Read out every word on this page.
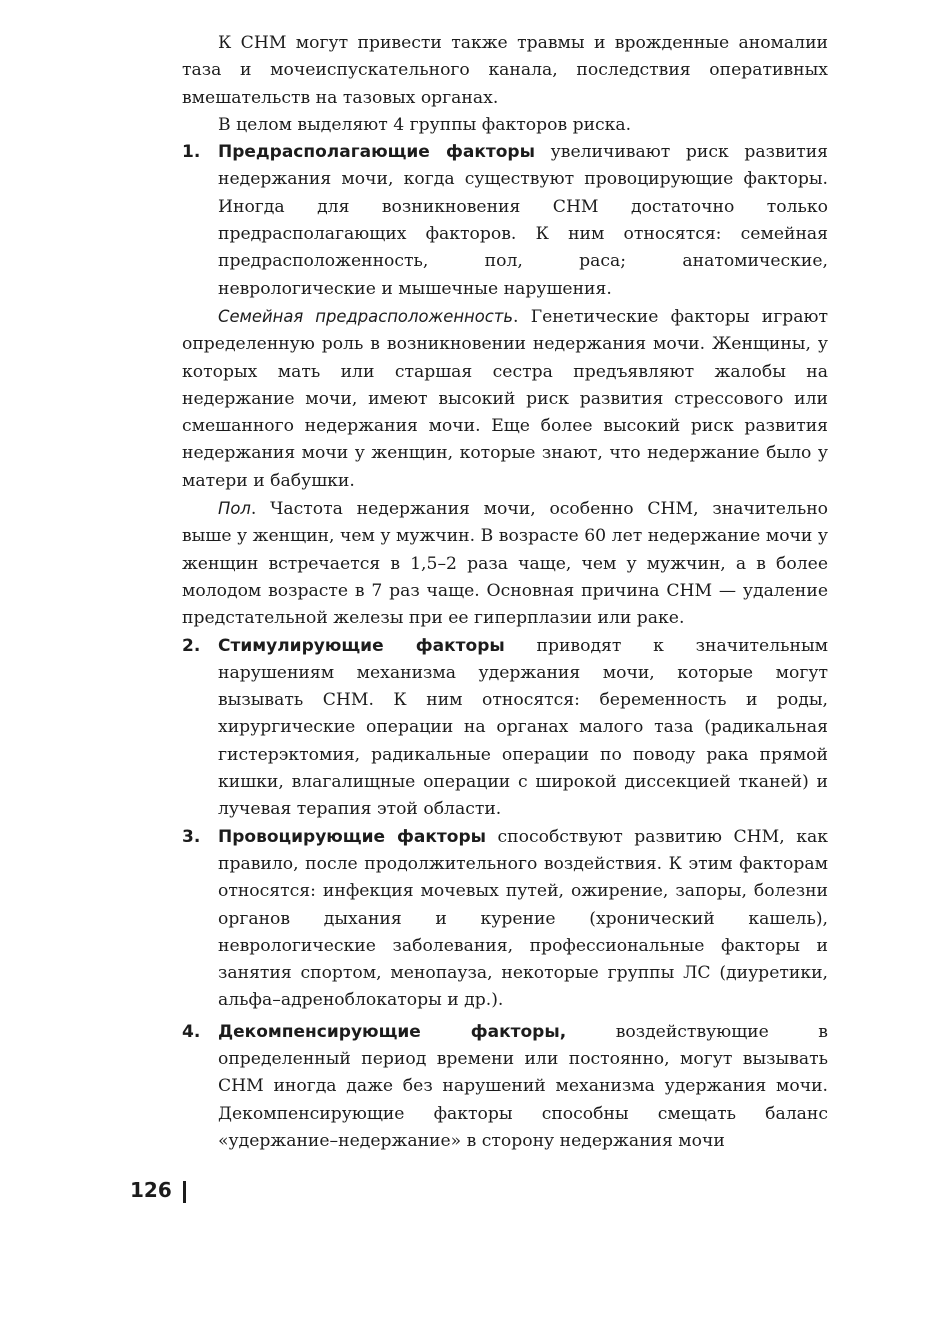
К СНМ могут привести также травмы и врожденные аномалии таза и мочеиспускательного канала, последствия оперативных вмешательств на тазовых органах.

В целом выделяют 4 группы факторов риска.

1. Предрасполагающие факторы увеличивают риск развития недержания мочи, когда существуют провоцирующие факторы. Иногда для возникновения СНМ достаточно только предрасполагающих факторов. К ним относятся: семейная предрасположенность, пол, раса; анатомические, неврологические и мышечные нарушения.

Семейная предрасположенность. Генетические факторы играют определенную роль в возникновении недержания мочи. Женщины, у которых мать или старшая сестра предъявляют жалобы на недержание мочи, имеют высокий риск развития стрессового или смешанного недержания мочи. Еще более высокий риск развития недержания мочи у женщин, которые знают, что недержание было у матери и бабушки.

Пол. Частота недержания мочи, особенно СНМ, значительно выше у женщин, чем у мужчин. В возрасте 60 лет недержание мочи у женщин встречается в 1,5–2 раза чаще, чем у мужчин, а в более молодом возрасте в 7 раз чаще. Основная причина СНМ — удаление предстательной железы при ее гиперплазии или раке.

2. Стимулирующие факторы приводят к значительным нарушениям механизма удержания мочи, которые могут вызывать СНМ. К ним относятся: беременность и роды, хирургические операции на органах малого таза (радикальная гистерэктомия, радикальные операции по поводу рака прямой кишки, влагалищные операции с широкой диссекцией тканей) и лучевая терапия этой области.

3. Провоцирующие факторы способствуют развитию СНМ, как правило, после продолжительного воздействия. К этим факторам относятся: инфекция мочевых путей, ожирение, запоры, болезни органов дыхания и курение (хронический кашель), неврологические заболевания, профессиональные факторы и занятия спортом, менопауза, некоторые группы ЛС (диуретики, альфа–адреноблокаторы и др.).

4. Декомпенсирующие факторы, воздействующие в определенный период времени или постоянно, могут вызывать СНМ иногда даже без нарушений механизма удержания мочи. Декомпенсирующие факторы способны смещать баланс «удержание–недержание» в сторону недержания мочи

126
